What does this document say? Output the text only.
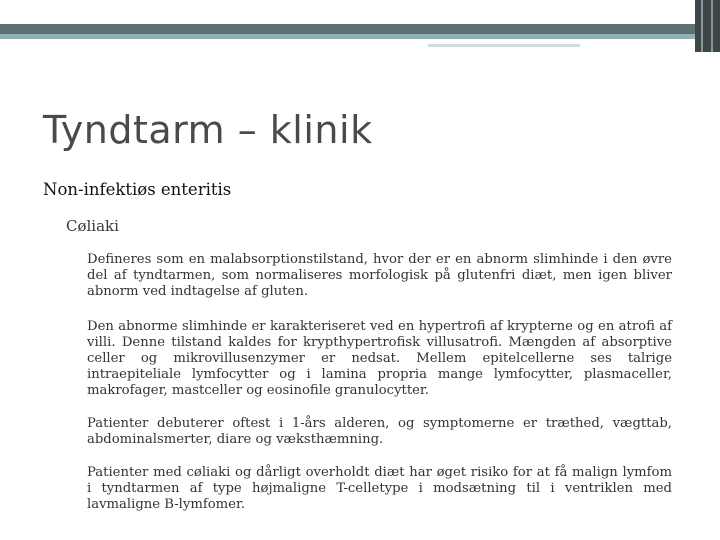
Tyndtarm – klinik
Non-infektiøs enteritis
Cøliaki

Defineres som en malabsorptionstilstand, hvor der er en abnorm slimhinde i den øvre del af tyndtarmen, som normaliseres morfologisk på glutenfri diæt, men igen bliver abnorm ved indtagelse af gluten.

Den abnorme slimhinde er karakteriseret ved en hypertrofi af krypterne og en atrofi af villi. Denne tilstand kaldes for krypthypertrofisk villusatrofi. Mængden af absorptive celler og mikrovillusenzymer er nedsat. Mellem epitelcellerne ses talrige intraepiteliale lymfocytter og i lamina propria mange lymfocytter, plasmaceller, makrofager, mastceller og eosinofile granulocytter.

Patienter debuterer oftest i 1-års alderen, og symptomerne er træthed, vægttab, abdominalsmerter, diare og væksthæmning.

Patienter med cøliaki og dårligt overholdt diæt har øget risiko for at få malign lymfom i tyndtarmen af type højmaligne T-celletype i modsætning til i ventriklen med lavmaligne B-lymfomer.
